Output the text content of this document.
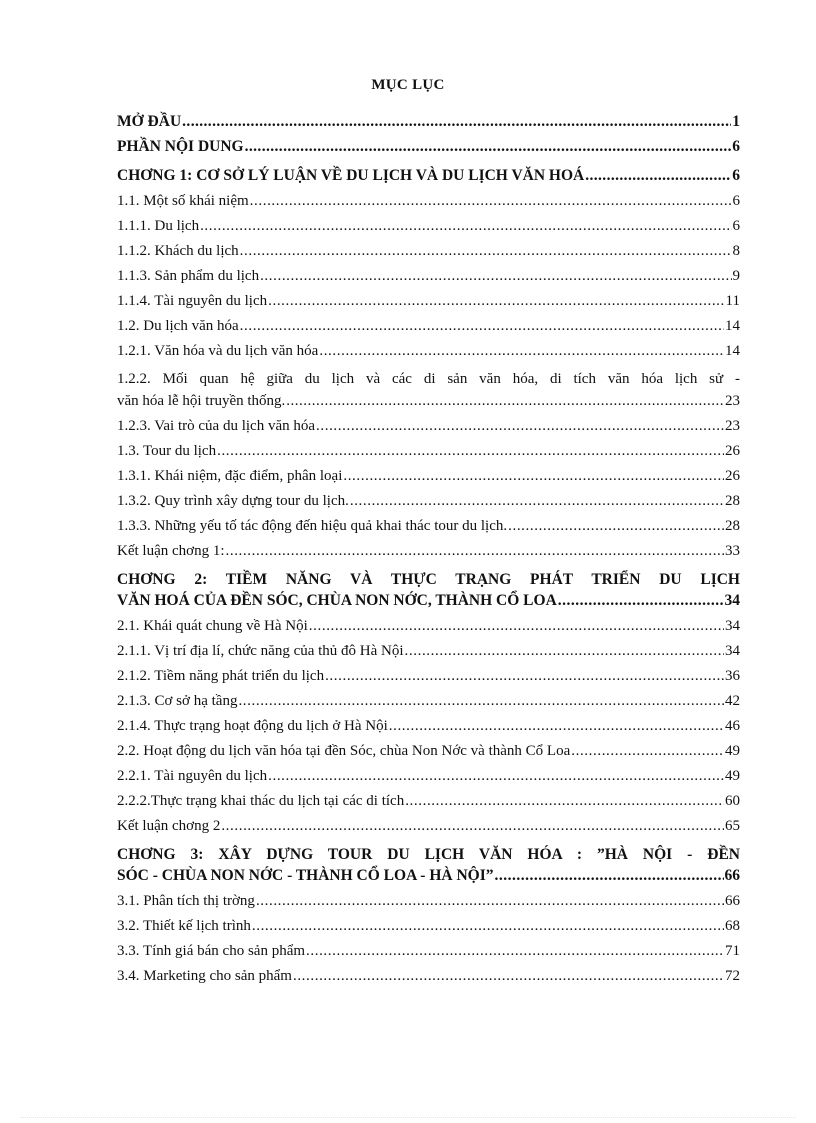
MỤC LỤC
MỞ ĐẦU .....	1
PHẦN NỘI DUNG .....	6
CHƠNG 1: CƠ SỞ LÝ LUẬN VỀ DU LỊCH VÀ DU LỊCH VĂN HOÁ .....	6
1.1. Một số khái niệm .....	6
1.1.1. Du lịch .....	6
1.1.2. Khách du lịch .....	8
1.1.3. Sản phẩm du lịch .....	9
1.1.4. Tài nguyên du lịch .....	11
1.2. Du lịch văn hóa .....	14
1.2.1. Văn hóa và du lịch văn hóa .....	14
1.2.2. Mối quan hệ giữa du lịch và các di sản văn hóa, di tích văn hóa lịch sử -
văn hóa lễ hội truyền thống. .....	23
1.2.3. Vai trò của du lịch văn hóa .....	23
1.3. Tour du lịch .....	26
1.3.1. Khái niệm, đặc điểm, phân loại .....	26
1.3.2. Quy trình xây dựng tour du lịch. .....	28
1.3.3. Những yếu tố tác động đến hiệu quả khai thác tour du lịch. .....	28
Kết luận chơng 1: .....	33
CHƠNG 2: TIỀM NĂNG VÀ THỰC TRẠNG PHÁT TRIỂN DU LỊCH
VĂN HOÁ CỦA ĐỀN SÓC, CHÙA NON NỚC, THÀNH CỔ LOA .....	34
2.1. Khái quát chung về Hà Nội .....	34
2.1.1. Vị trí địa lí, chức năng của thủ đô Hà Nội .....	34
2.1.2. Tiềm năng phát triển du lịch .....	36
2.1.3. Cơ sở hạ tầng .....	42
2.1.4. Thực trạng hoạt động du lịch ở Hà Nội .....	46
2.2. Hoạt động du lịch văn hóa tại đền Sóc, chùa Non Nớc và thành Cổ Loa .....	49
2.2.1. Tài nguyên du lịch .....	49
2.2.2.Thực trạng khai thác du lịch tại các di tích .....	60
Kết luận chơng 2 .....	65
CHƠNG 3: XÂY DỰNG TOUR DU LỊCH VĂN HÓA : ”HÀ NỘI - ĐỀN
SÓC - CHÙA NON NỚC - THÀNH CỔ LOA - HÀ NỘI” .....	66
3.1. Phân tích thị trờng .....	66
3.2. Thiết kế lịch trình .....	68
3.3. Tính giá bán cho sản phẩm .....	71
3.4. Marketing cho sản phẩm .....	72
